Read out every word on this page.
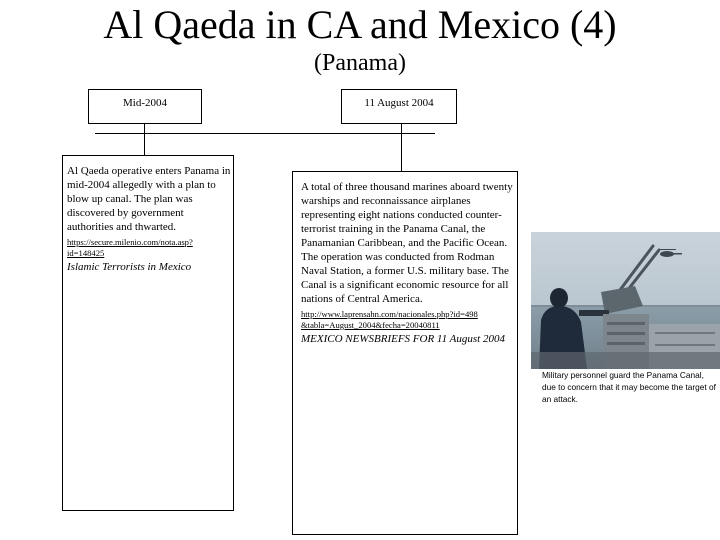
Al Qaeda in CA and Mexico (4)
(Panama)
Mid-2004	11 August 2004
Al Qaeda operative enters Panama in mid-2004 allegedly with a plan to blow up canal. The plan was discovered by government authorities and thwarted.
https://secure.milenio.com/nota.asp?
id=148425
Islamic Terrorists in Mexico
A total of three thousand marines aboard twenty warships and reconnaissance airplanes representing eight nations conducted counter-terrorist training in the Panama Canal, the Panamanian Caribbean, and the Pacific Ocean. The operation was conducted from Rodman Naval Station, a former U.S. military base. The Canal is a significant economic resource for all nations of Central America.
http://www.laprensahn.com/nacionales.php?id=498
&tabla=August_2004&fecha=20040811
MEXICO NEWSBRIEFS FOR 11 August 2004
Military personnel guard the Panama Canal, due to concern that it may become the target of an attack.
